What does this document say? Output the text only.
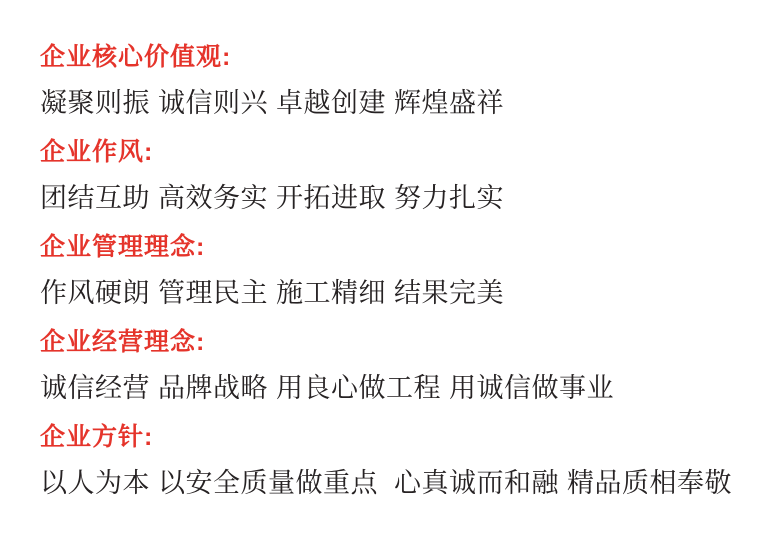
企业核心价值观:

凝聚则振 诚信则兴 卓越创建 辉煌盛祥

企业作风:

团结互助 高效务实 开拓进取 努力扎实

企业管理理念:

作风硬朗 管理民主 施工精细 结果完美

企业经营理念:

诚信经营 品牌战略 用良心做工程 用诚信做事业

企业方针:

以人为本 以安全质量做重点  心真诚而和融 精品质相奉敬
